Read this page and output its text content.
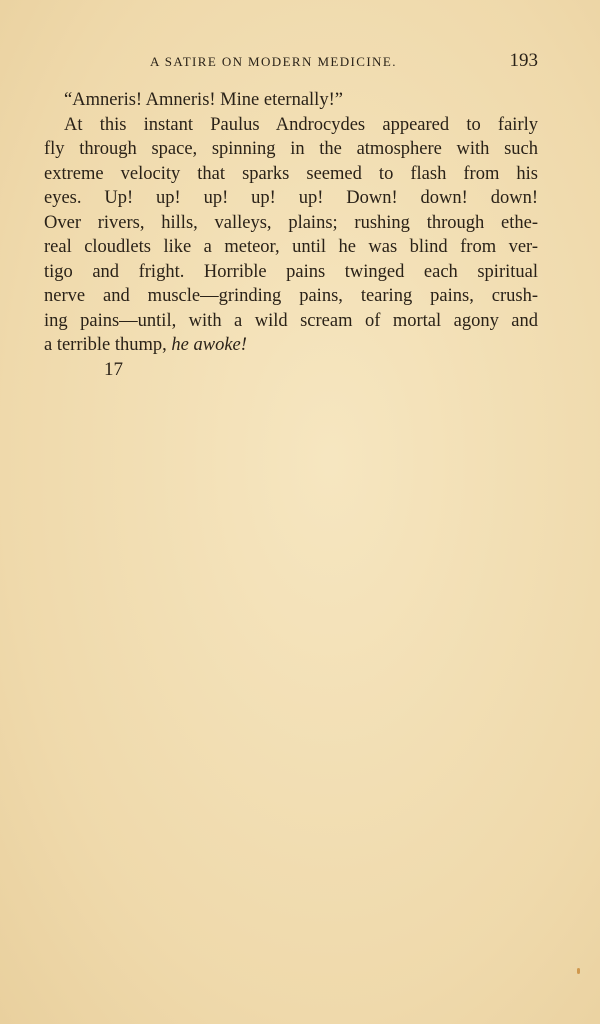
A SATIRE ON MODERN MEDICINE.	193
“Amneris! Amneris! Mine eternally!”
At this instant Paulus Androcydes appeared to fairly
fly through space, spinning in the atmosphere with such
extreme velocity that sparks seemed to flash from his
eyes. Up! up! up! up! up! Down! down! down!
Over rivers, hills, valleys, plains; rushing through ethe-
real cloudlets like a meteor, until he was blind from ver-
tigo and fright. Horrible pains twinged each spiritual
nerve and muscle—grinding pains, tearing pains, crush-
ing pains—until, with a wild scream of mortal agony and
a terrible thump, he awoke!
17
